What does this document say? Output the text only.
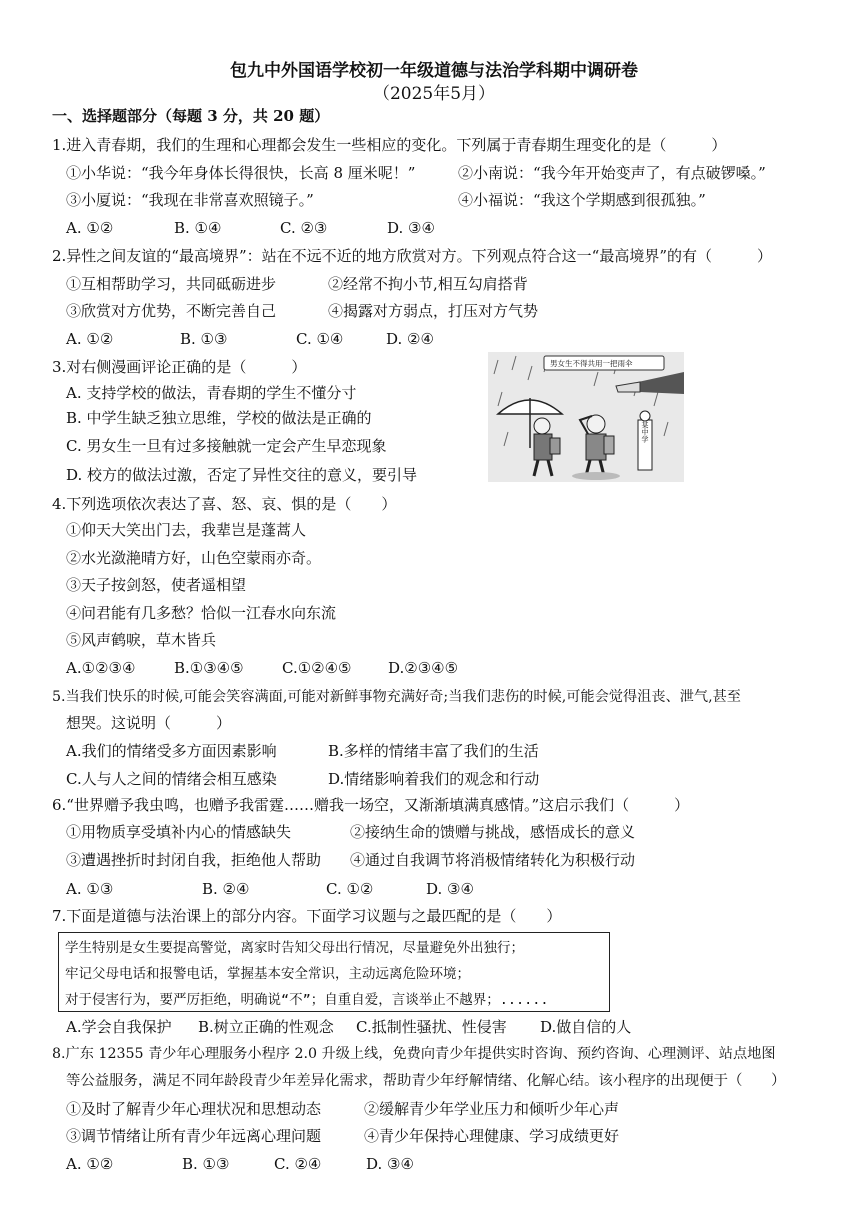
包九中外国语学校初一年级道德与法治学科期中调研卷
（2025年5月）
一、选择题部分（每题 3 分，共 20 题）
1.进入青春期，我们的生理和心理都会发生一些相应的变化。下列属于青春期生理变化的是（　　　）
①小华说：“我今年身体长得很快，长高 8 厘米呢！”	②小南说：“我今年开始变声了，有点破锣嗓。”
③小厦说：“我现在非常喜欢照镜子。”	④小福说：“我这个学期感到很孤独。”
A. ①②	B. ①④	C. ②③	D. ③④
2.异性之间友谊的“最高境界”：站在不远不近的地方欣赏对方。下列观点符合这一“最高境界”的有（　　　）
①互相帮助学习，共同砥砺进步	②经常不拘小节,相互勾肩搭背
③欣赏对方优势，不断完善自己	④揭露对方弱点，打压对方气势
A. ①②	B. ①③	C. ①④	D. ②④
3.对右侧漫画评论正确的是（　　　）
A. 支持学校的做法，青春期的学生不懂分寸
B. 中学生缺乏独立思维，学校的做法是正确的
C. 男女生一旦有过多接触就一定会产生早恋现象
D. 校方的做法过激，否定了异性交往的意义，要引导
男女生不得共用一把雨伞
某中学
4.下列选项依次表达了喜、怒、哀、惧的是（　　）
①仰天大笑出门去，我辈岂是蓬蒿人
②水光潋滟晴方好，山色空蒙雨亦奇。
③天子按剑怒，使者遥相望
④问君能有几多愁？恰似一江春水向东流
⑤风声鹤唳，草木皆兵
A.①②③④	B.①③④⑤	C.①②④⑤ D.②③④⑤
5.当我们快乐的时候,可能会笑容满面,可能对新鲜事物充满好奇;当我们悲伤的时候,可能会觉得沮丧、泄气,甚至
想哭。这说明（　　　）
A.我们的情绪受多方面因素影响	B.多样的情绪丰富了我们的生活
C.人与人之间的情绪会相互感染	D.情绪影响着我们的观念和行动
6.“世界赠予我虫鸣，也赠予我雷霆……赠我一场空，又渐渐填满真感情。”这启示我们（　　　）
①用物质享受填补内心的情感缺失	②接纳生命的馈赠与挑战，感悟成长的意义
③遭遇挫折时封闭自我，拒绝他人帮助 ④通过自我调节将消极情绪转化为积极行动
A. ①③	B. ②④	C. ①②	D. ③④
7.下面是道德与法治课上的部分内容。下面学习议题与之最匹配的是（　　）
学生特别是女生要提高警觉，离家时告知父母出行情况，尽量避免外出独行；
牢记父母电话和报警电话，掌握基本安全常识，主动远离危险环境；
对于侵害行为，要严厉拒绝，明确说“不”；自重自爱，言谈举止不越界；......
A.学会自我保护 B.树立正确的性观念 C.抵制性骚扰、性侵害 D.做自信的人
8.广东 12355 青少年心理服务小程序 2.0 升级上线，免费向青少年提供实时咨询、预约咨询、心理测评、站点地图
等公益服务，满足不同年龄段青少年差异化需求，帮助青少年纾解情绪、化解心结。该小程序的出现便于（　　）
①及时了解青少年心理状况和思想动态	②缓解青少年学业压力和倾听少年心声
③调节情绪让所有青少年远离心理问题	④青少年保持心理健康、学习成绩更好
A. ①②	B. ①③	C. ②④	D. ③④
